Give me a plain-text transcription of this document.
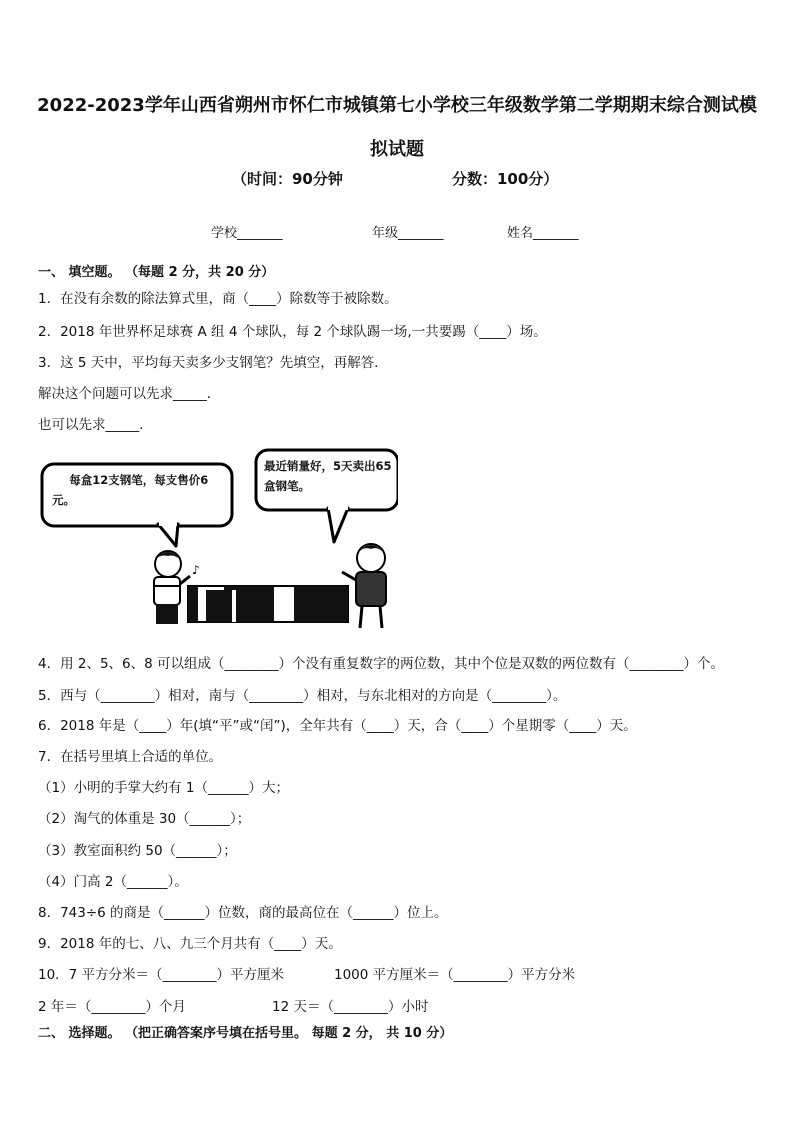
2022-2023学年山西省朔州市怀仁市城镇第七小学校三年级数学第二学期期末综合测试模拟试题
（时间：90分钟	分数：100分）
学校_______	年级_______	姓名_______
一、 填空题。 （每题 2 分，共 20 分）
1．在没有余数的除法算式里，商（____）除数等于被除数。
2．2018 年世界杯足球赛 A 组 4 个球队，每 2 个球队踢一场,一共要踢（____）场。
3．这 5 天中，平均每天卖多少支钢笔？先填空，再解答．
解决这个问题可以先求_____．
也可以先求_____．
每盒12支钢笔，每支售价6元。
最近销量好，5天卖出65盒钢笔。
♪
4．用 2、5、6、8 可以组成（________）个没有重复数字的两位数，其中个位是双数的两位数有（________）个。
5．西与（________）相对，南与（________）相对，与东北相对的方向是（________）。
6．2018 年是（____）年(填“平”或“闰”)，全年共有（____）天，合（____）个星期零（____）天。
7．在括号里填上合适的单位。
（1）小明的手掌大约有 1（______）大；
（2）淘气的体重是 30（______）；
（3）教室面积约 50（______）；
（4）门高 2（______）。
8．743÷6 的商是（______）位数，商的最高位在（______）位上。
9．2018 年的七、八、九三个月共有（____）天。
10．7 平方分米＝（________）平方厘米	1000 平方厘米＝（________）平方分米
2 年＝（________）个月	12 天＝（________）小时
二、 选择题。 （把正确答案序号填在括号里。 每题 2 分， 共 10 分）
